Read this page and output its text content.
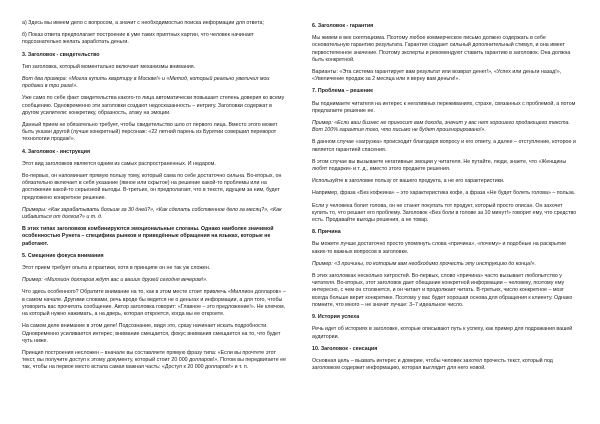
а) Здесь мы имеем дело с вопросом, а значит с необходимостью поиска информации для ответа;

б) Показ ответа предполагает построение в уме таких приятных картин, что человек начинает подсознательно желать заработать деньги.

3. Заголовок - свидетельство

Тип заголовка, который моментально включает механизмы внимания.

Вот два примера: «Могла купить квартиру в Москве!» и «Метод, который реально увеличил мои продажи в три раза!».

Уже само по себе факт свидетельства какого-то лица автоматически повышает степень доверия ко всему сообщению. Одновременно эти заголовки создают недосказанность – интригу. Заголовки содержат в другом усилители: конкретику, образность, атаку на эмоции.

Данный прием не обязательно требует, чтобы свидетельство шло от первого лица. Вместо этого может быть указан другой (лучше конкретный) персонаж: «22 летний парень из Бурятии совершил переворот технологии продаж!».

4. Заголовок - инструкция

Этот вид заголовков является одним из самых распространенных. И недаром.

Во-первых, он напоминает прямую пользу тому, который сама по себе достаточно сильна. Во-вторых, он обязательно включает в себя указание (явное или скрытое) на решение какой-то проблемы или на достижение какой-то серьезной выгоды. В-третьих, он предполагает, что в тексте, идущем за ним, будет предложено конкретное решение.

Примеры: «Как зарабатывать больше за 30 дней?», «Как сделать собственное дело за месяц?», «Как избавиться от долгов?» и т. д.

В этих типах заголовков комбинируются эмоциональные слоганы. Однако наиболее значимой особенностью Рунета – специфика рынков и приведённые обращения на языках, которые не работают.

5. Смещение фокуса внимания

Этот прием требует опыта и практики, хотя в принципе он не так уж сложен.

Пример: «Миллион долларов ждут вас и ваших друзей сегодня вечером!».

Что здесь особенного? Обратите внимание на то, как в этом месте стоит привлечь «Миллион долларов» – в самом начале. Другими словами, речь вроде бы ведется не о деньгах и информации, а для того, чтобы уговорить вас прочитать сообщение. Автор заголовка говорит: «Главное – это предложение!». Не ключом, на который нужно нажимать, а на дверь, которая откроется, когда вы ее откроете.

На самом деле внимание в этом деле! Подсознание, видя это, сразу начинает искать подробности. Одновременно усиливается интерес; внимание смещается, фокус внимания смещается на то, что будет чуть ниже.

Принцип построения несложен – вначале вы составляете прямую фразу типа: «Если вы прочтете этот текст, вы получите доступ к этому документу, который стоит 20 000 долларов!». Потом вы передвигаете ее так, чтобы на первое место встала самая важная часть: «Доступ к 20 000 долларов!» и т. п.

6. Заголовок - гарантия

Мы живем в век скептицизма. Поэтому любое коммерческое письмо должно содержать в себе основательную гарантию результата. Гарантия создает сильный дополнительный стимул, и она имеет первостепенное значение. Поэтому эксперты и рекомендуют ставить гарантию в заголовок. Она должна быть конкретной.

Варианты: «Эта система гарантирует вам результат или возврат денег!», «Успех или деньги назад!», «Увеличение продаж за 2 месяца или я верну вам деньги!».

7. Проблема – решение

Вы поднимаете читателя на интерес к негативных переживаниях, страхе, связанных с проблемой, а потом предлагаете решение ее.

Пример: «Если ваш бизнес не приносит вам дохода, значит у вас нет хорошего продающего текста. Вот 100% гарантия того, что письмо не будет проигнорировано!».

В данном случае «загрузка» происходит благодаря вопросу и его ответу, а далее – отступление, которое и является гарантией спасения.

В этом случае вы вызываете негативные эмоции у читателя. Не путайте, люди, знаете, что «Женщины любят подарки» и т. д., вместо этого продаете решения.

Используйте в заголовке пользу от вашего продукта, а не его характеристики.

Например, фраза «Без кофеина» – это характеристика кофе, а фраза «Не будет болеть голова» – польза.

Если у человека болит голова, он не станет покупать тот продукт, который просто описан. Он захочет купить то, что решает его проблему. Заголовок «Без боли в голове за 10 минут!» говорит ему, что средство есть. Продавайте выгоды решения, а не товар.

8. Причина

Вы можете лучше достаточно просто упомянуть слова «причина», «почему» и подобные на раскрытие каких-то важных вопросов в заголовке.

Пример: «3 причины, по которым вам необходимо прочесть эту инструкцию до конца!».

В этих заголовках несколько хитростей. Во-первых, слово «причина» часто вызывает любопытство у читателя. Во-вторых, этот заголовок дает обещание конкретной информации – человеку, поэтому ему интересно, с чем он столкнется, и он читает и продолжает читать. В-третьих, число конкретное – мозг всегда больше верит конкретике. Поэтому у вас будет хорошая основа для обращения к клиенту. Однако помните, что много – не значит лучше: 3–7 идеальное число.

9. История успеха

Речь идет об историях в заголовке, которые описывают путь к успеху, как пример для подражания вашей аудитории.

10. Заголовок - сенсация

Основная цель – вызвать интерес и доверие, чтобы человек захотел прочесть текст, который под заголовком содержит информацию, которая выглядит для него новой.
